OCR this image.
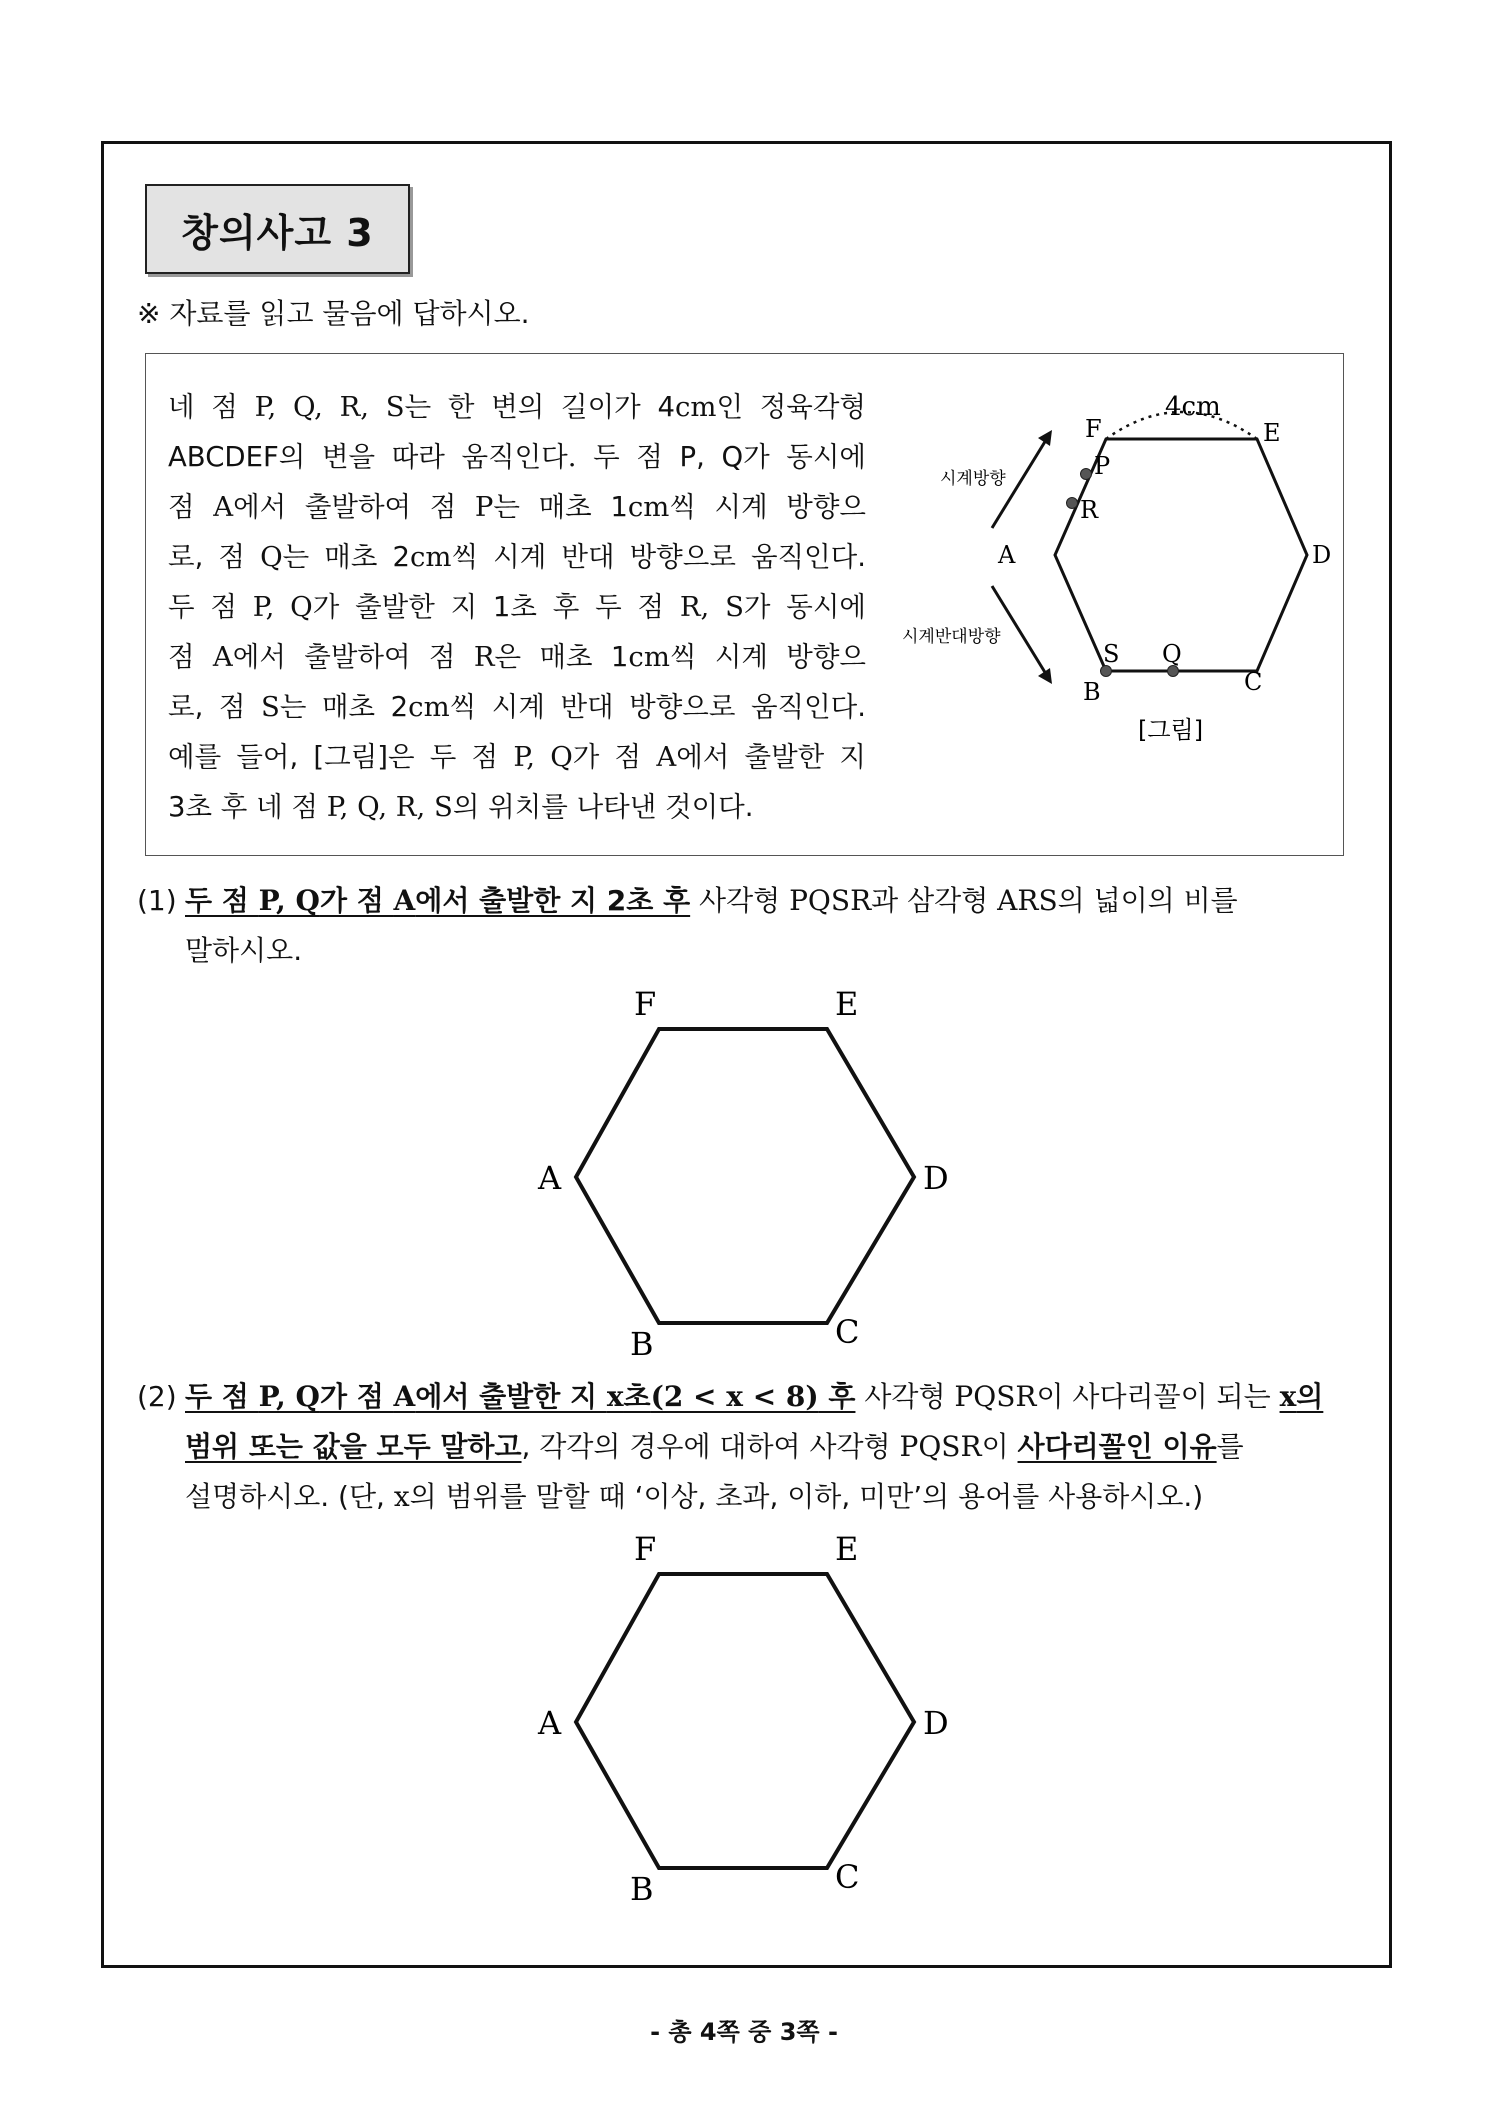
창의사고 3
※ 자료를 읽고 물음에 답하시오.
네 점 P, Q, R, S는 한 변의 길이가 4cm인 정육각형
ABCDEF의 변을 따라 움직인다. 두 점 P, Q가 동시에
점 A에서 출발하여 점 P는 매초 1cm씩 시계 방향으
로, 점 Q는 매초 2cm씩 시계 반대 방향으로 움직인다.
두 점 P, Q가 출발한 지 1초 후 두 점 R, S가 동시에
점 A에서 출발하여 점 R은 매초 1cm씩 시계 방향으
로, 점 S는 매초 2cm씩 시계 반대 방향으로 움직인다.
예를 들어, [그림]은 두 점 P, Q가 점 A에서 출발한 지
3초 후 네 점 P, Q, R, S의 위치를 나타낸 것이다.
4cm
F	E
D
A
B	C
P
R
S Q
시계방향
시계반대방향
[그림]
(1) 두 점 P, Q가 점 A에서 출발한 지 2초 후 사각형 PQSR과 삼각형 ARS의 넓이의 비를
말하시오.
F	E
D
A
B	C
(2) 두 점 P, Q가 점 A에서 출발한 지 x초(2 < x < 8) 후 사각형 PQSR이 사다리꼴이 되는 x의
범위 또는 값을 모두 말하고, 각각의 경우에 대하여 사각형 PQSR이 사다리꼴인 이유를
설명하시오. (단, x의 범위를 말할 때 ‘이상, 초과, 이하, 미만’의 용어를 사용하시오.)
F	E
D
A
B	C
- 총 4쪽 중 3쪽 -
